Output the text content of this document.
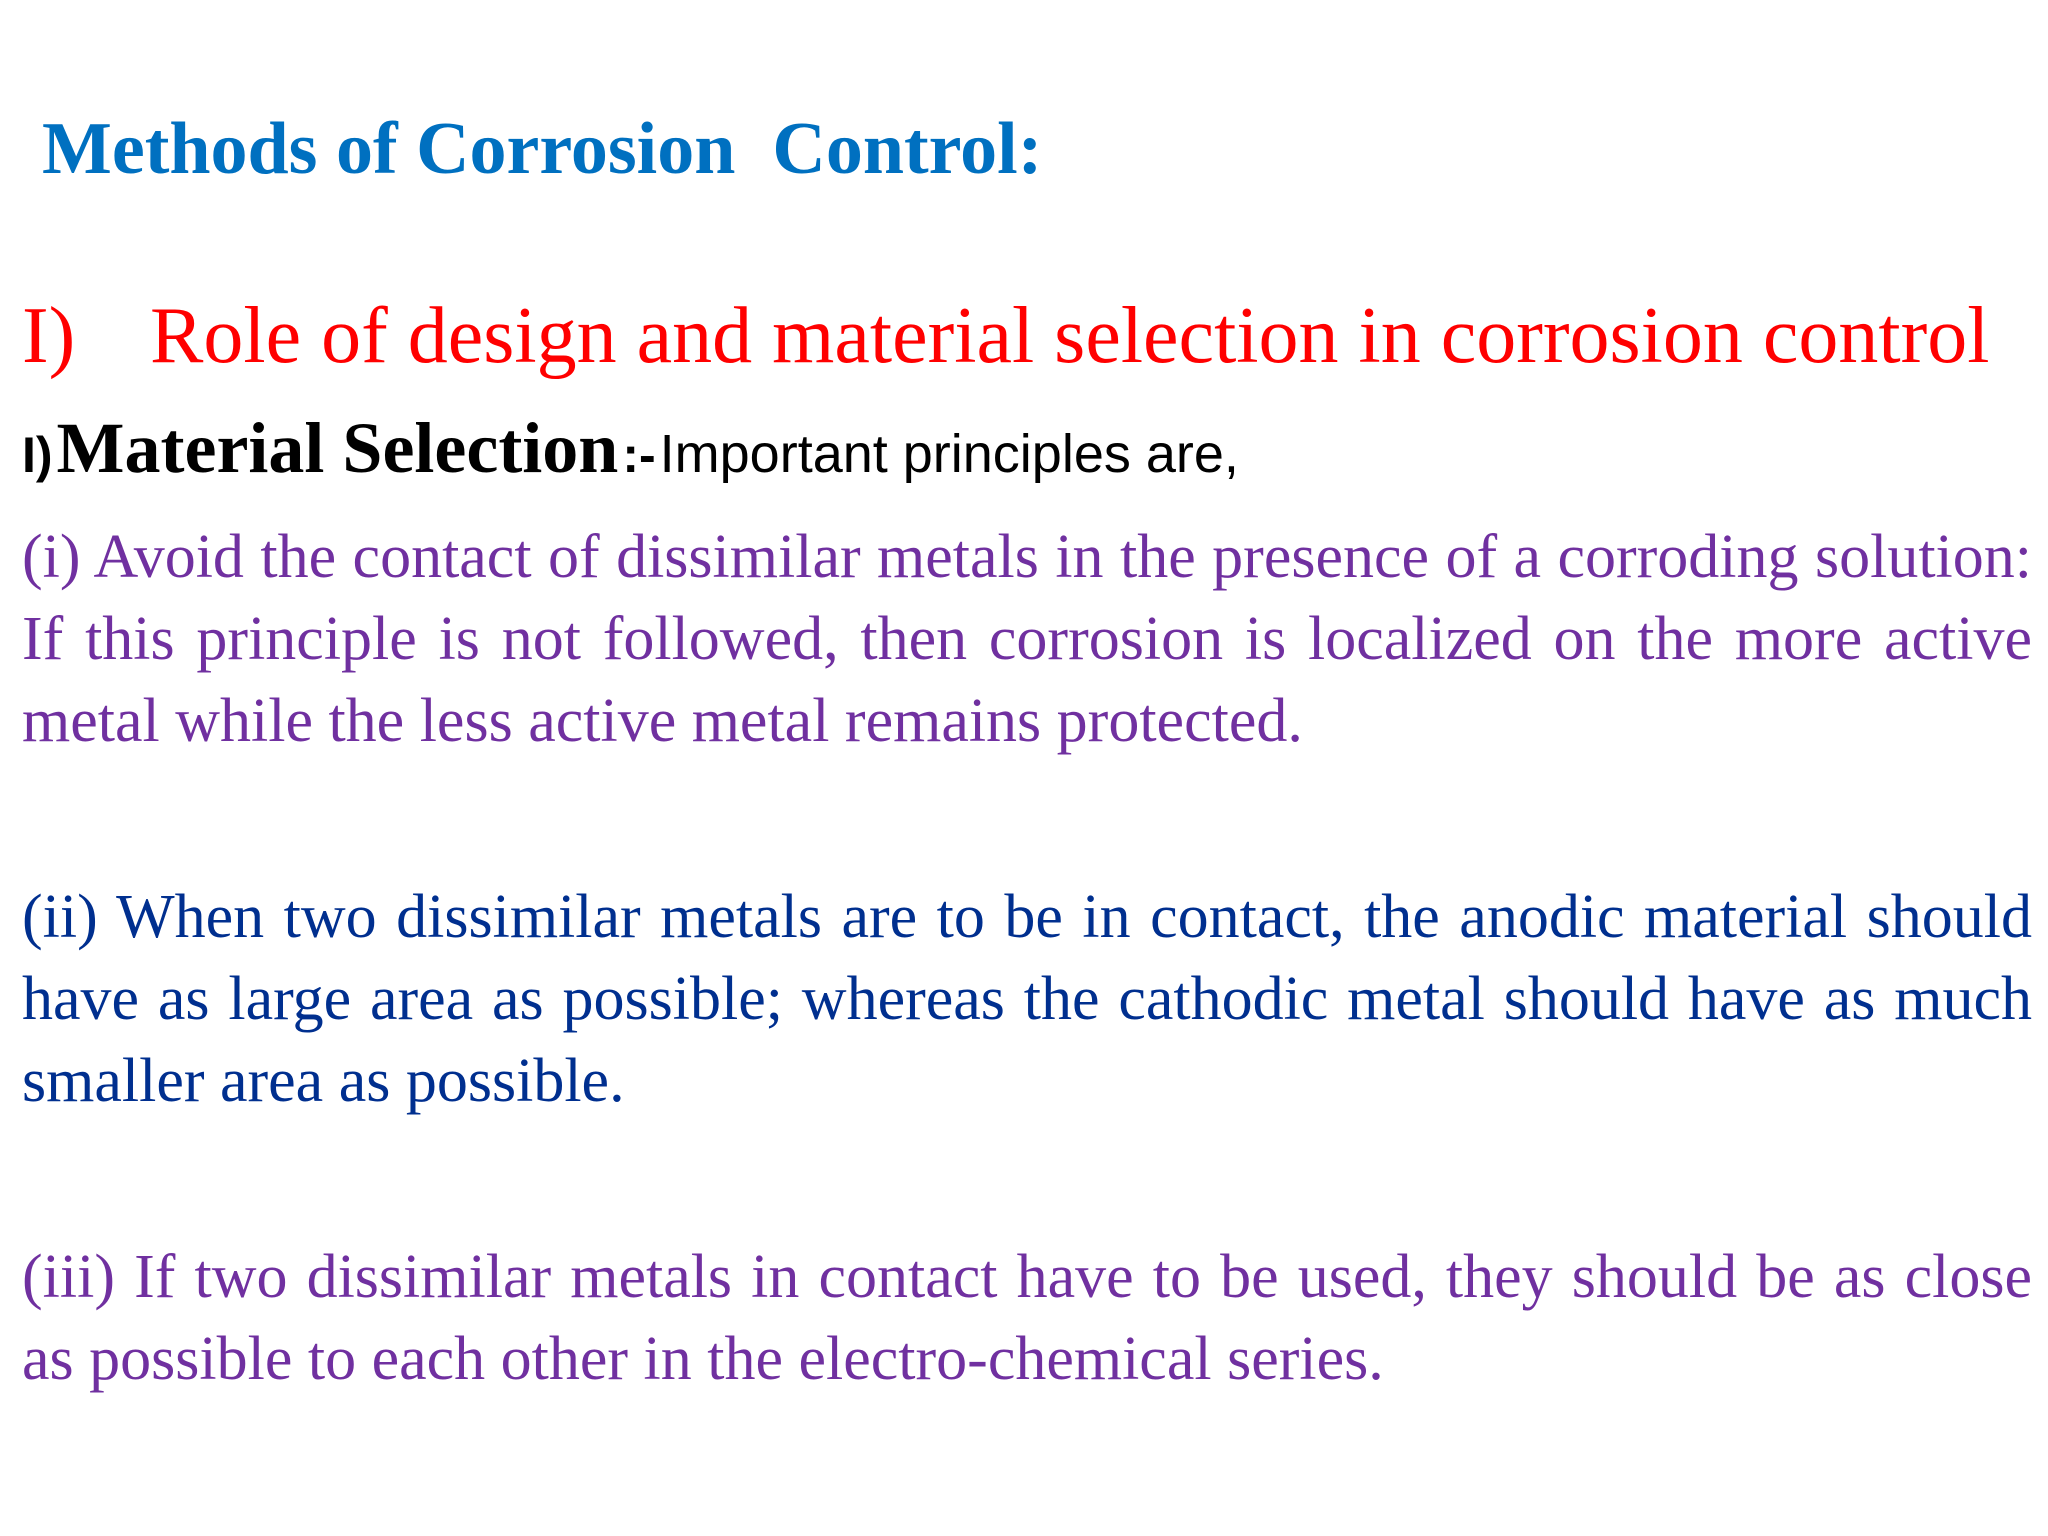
Methods of Corrosion  Control:
I) Role of design and material selection in corrosion control
I) Material Selection :- Important principles are,

(i) Avoid the contact of dissimilar metals in the presence of a corroding solution: If this principle is not followed, then corrosion is localized on the more active metal while the less active metal remains protected.

(ii) When two dissimilar metals are to be in contact, the anodic material should have as large area as possible; whereas the cathodic metal should have as much smaller area as possible.

(iii) If two dissimilar metals in contact have to be used, they should be as close as possible to each other in the electro-chemical series.
